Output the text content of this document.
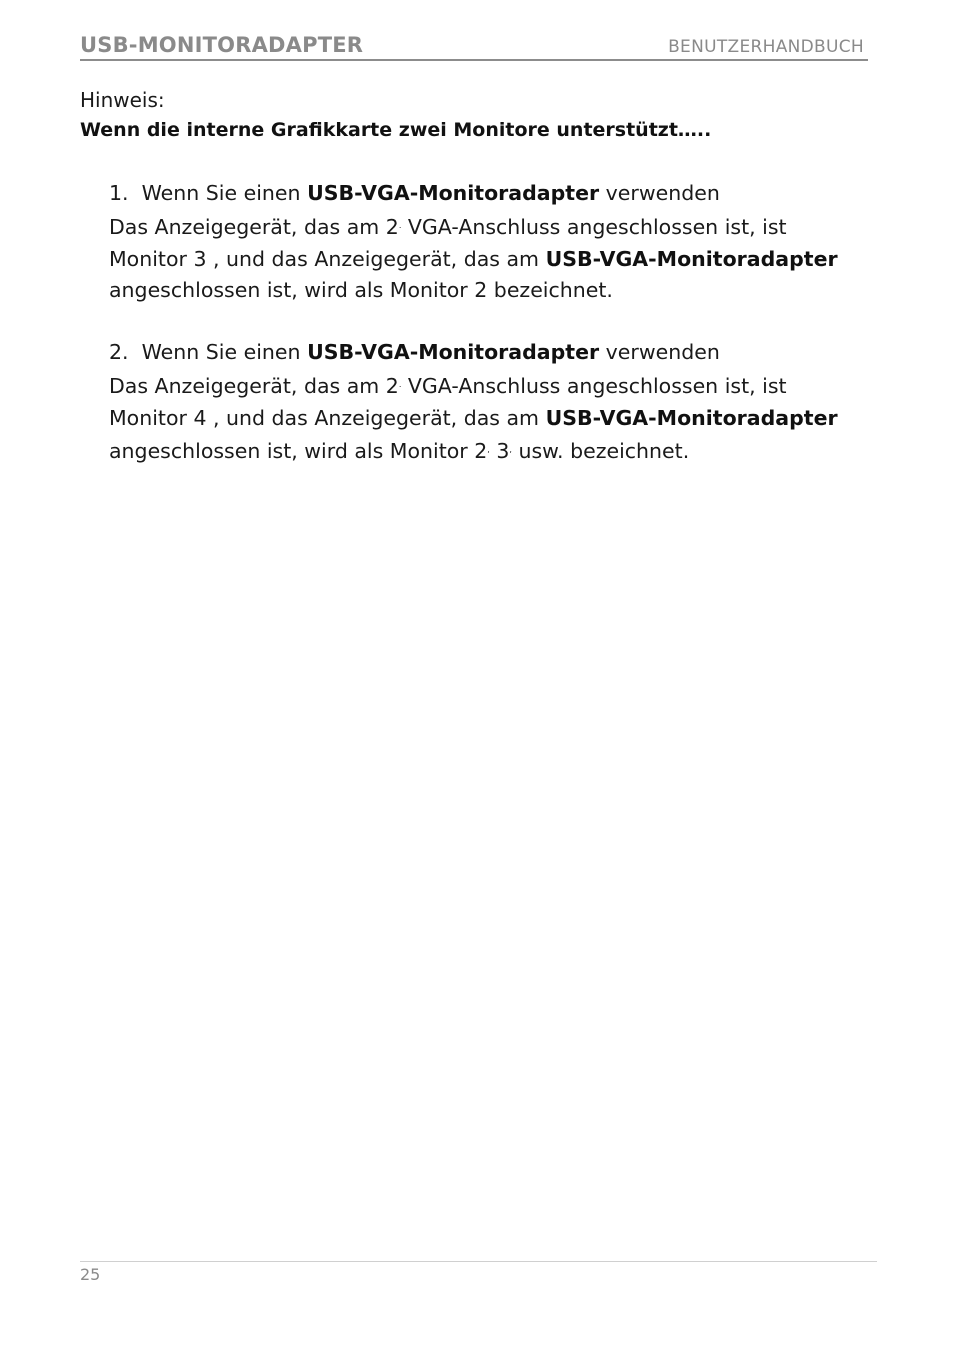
USB-MONITORADAPTER	BENUTZERHANDBUCH
Hinweis:
Wenn die interne Grafikkarte zwei Monitore unterstützt…..
1. Wenn Sie einen USB-VGA-Monitoradapter verwenden
Das Anzeigegerät, das am 2. VGA-Anschluss angeschlossen ist, ist
Monitor 3 , und das Anzeigegerät, das am USB-VGA-Monitoradapter
angeschlossen ist, wird als Monitor 2 bezeichnet.
2. Wenn Sie einen USB-VGA-Monitoradapter verwenden
Das Anzeigegerät, das am 2. VGA-Anschluss angeschlossen ist, ist
Monitor 4 , und das Anzeigegerät, das am USB-VGA-Monitoradapter
angeschlossen ist, wird als Monitor 2, 3, usw. bezeichnet.
25
